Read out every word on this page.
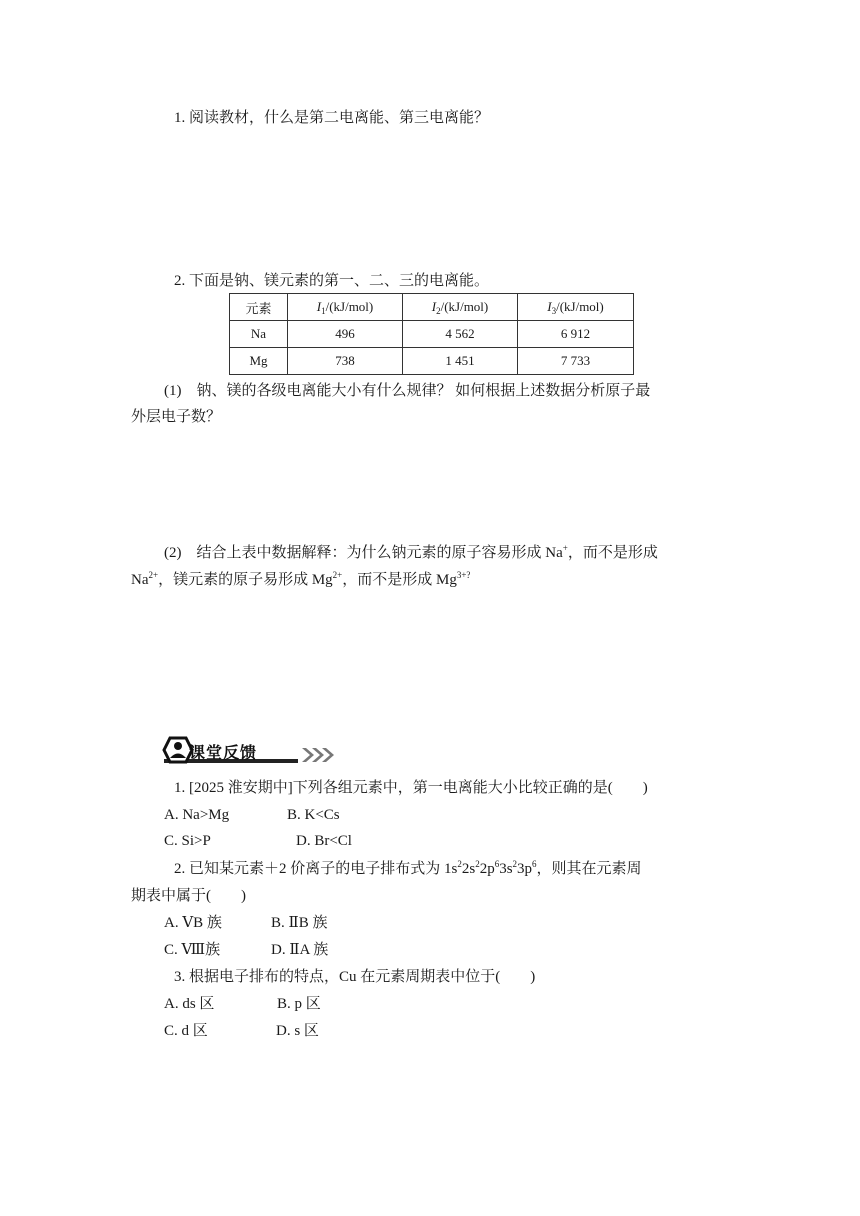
1. 阅读教材，什么是第二电离能、第三电离能？
2. 下面是钠、镁元素的第一、二、三的电离能。
元素	$I_1/(kJ/mol)$	$I_2/(kJ/mol)$	$I_3/(kJ/mol)$
Na	496	4 562	6 912
Mg	738	1 451	7 733
(1)　钠、镁的各级电离能大小有什么规律？ 如何根据上述数据分析原子最
外层电子数？
(2)　结合上表中数据解释：为什么钠元素的原子容易形成 Na+，而不是形成
$Na^{2+}$，镁元素的原子易形成 $Mg^{2+}$，而不是形成 $Mg^{3+?}$
课堂反馈
1. [2025 淮安期中]下列各组元素中，第一电离能大小比较正确的是(　　)
A. Na>Mg	B. K<Cs
C. Si>P	D. Br<Cl
2. 已知某元素＋2 价离子的电子排布式为 $1s^22s^22p^63s^23p^6$，则其在元素周
期表中属于(　　)
A. ⅤB 族	B. ⅡB 族
C. Ⅷ族	D. ⅡA 族
3. 根据电子排布的特点，Cu 在元素周期表中位于(　　)
A. ds 区	B. p 区
C. d 区	D. s 区
